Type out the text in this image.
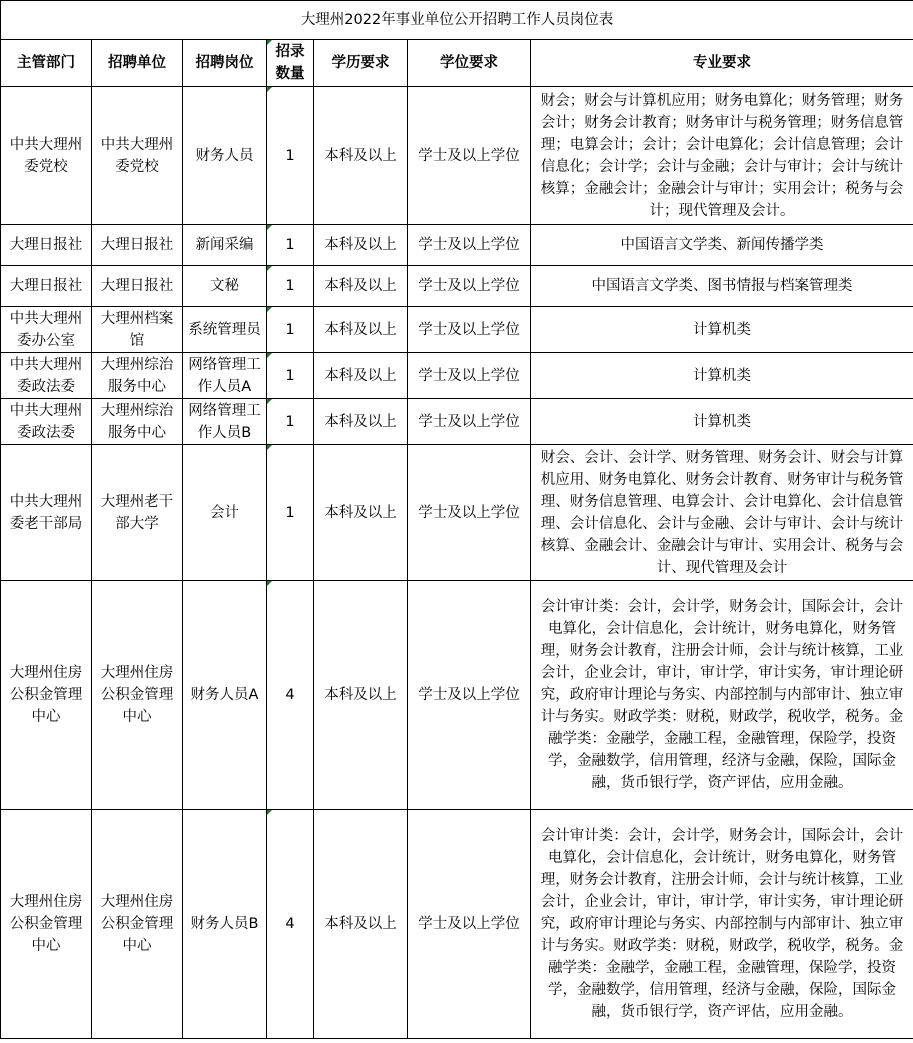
大理州2022年事业单位公开招聘工作人员岗位表						
主管部门	招聘单位	招聘岗位	招录数量	学历要求	学位要求	专业要求
中共大理州委党校	中共大理州委党校	财务人员	1	本科及以上	学士及以上学位	财会；财会与计算机应用；财务电算化；财务管理；财务会计；财务会计教育；财务审计与税务管理；财务信息管理；电算会计；会计；会计电算化；会计信息管理；会计信息化；会计学；会计与金融；会计与审计；会计与统计核算；金融会计；金融会计与审计；实用会计；税务与会计；现代管理及会计。
大理日报社	大理日报社	新闻采编	1	本科及以上	学士及以上学位	中国语言文学类、新闻传播学类
大理日报社	大理日报社	文秘	1	本科及以上	学士及以上学位	中国语言文学类、图书情报与档案管理类
中共大理州委办公室	大理州档案馆	系统管理员	1	本科及以上	学士及以上学位	计算机类
中共大理州委政法委	大理州综治服务中心	网络管理工作人员A	1	本科及以上	学士及以上学位	计算机类
中共大理州委政法委	大理州综治服务中心	网络管理工作人员B	1	本科及以上	学士及以上学位	计算机类
中共大理州委老干部局	大理州老干部大学	会计	1	本科及以上	学士及以上学位	财会、会计、会计学、财务管理、财务会计、财会与计算机应用、财务电算化、财务会计教育、财务审计与税务管理、财务信息管理、电算会计、会计电算化、会计信息管理、会计信息化、会计与金融、会计与审计、会计与统计核算、金融会计、金融会计与审计、实用会计、税务与会计、现代管理及会计
大理州住房公积金管理中心	大理州住房公积金管理中心	财务人员A	4	本科及以上	学士及以上学位	会计审计类：会计，会计学，财务会计，国际会计，会计电算化，会计信息化，会计统计，财务电算化，财务管理，财务会计教育，注册会计师，会计与统计核算，工业会计，企业会计，审计，审计学，审计实务，审计理论研究，政府审计理论与务实、内部控制与内部审计、独立审计与务实。财政学类：财税，财政学，税收学，税务。金融学类：金融学，金融工程，金融管理，保险学，投资学，金融数学，信用管理，经济与金融，保险，国际金融，货币银行学，资产评估，应用金融。
大理州住房公积金管理中心	大理州住房公积金管理中心	财务人员B	4	本科及以上	学士及以上学位	会计审计类：会计，会计学，财务会计，国际会计，会计电算化，会计信息化，会计统计，财务电算化，财务管理，财务会计教育，注册会计师，会计与统计核算，工业会计，企业会计，审计，审计学，审计实务，审计理论研究，政府审计理论与务实、内部控制与内部审计、独立审计与务实。财政学类：财税，财政学，税收学，税务。金融学类：金融学，金融工程，金融管理，保险学，投资学，金融数学，信用管理，经济与金融，保险，国际金融，货币银行学，资产评估，应用金融。
